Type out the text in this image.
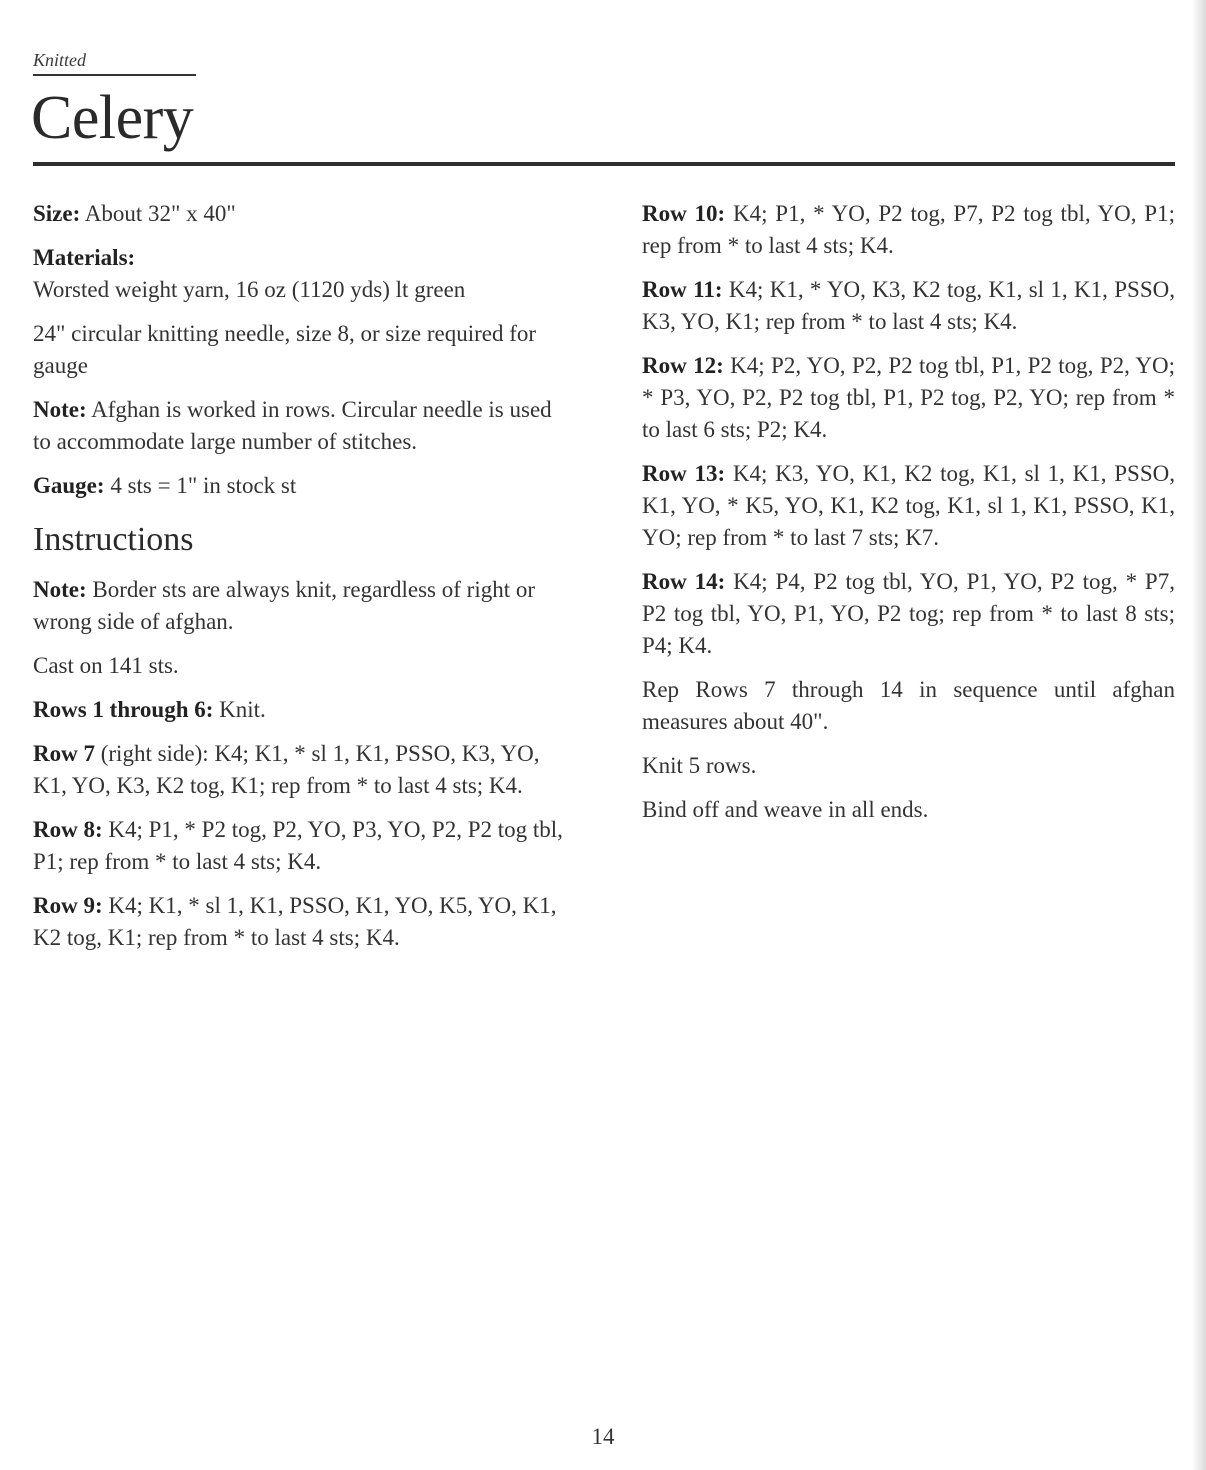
Knitted
Celery

Size: About 32" x 40"

Materials:

Worsted weight yarn, 16 oz (1120 yds) lt green

24" circular knitting needle, size 8, or size required for gauge

Note: Afghan is worked in rows. Circular needle is used to accommodate large number of stitches.

Gauge: 4 sts = 1" in stock st

Instructions

Note: Border sts are always knit, regardless of right or wrong side of afghan.

Cast on 141 sts.

Rows 1 through 6: Knit.

Row 7 (right side): K4; K1, * sl 1, K1, PSSO, K3, YO, K1, YO, K3, K2 tog, K1; rep from * to last 4 sts; K4.

Row 8: K4; P1, * P2 tog, P2, YO, P3, YO, P2, P2 tog tbl, P1; rep from * to last 4 sts; K4.

Row 9: K4; K1, * sl 1, K1, PSSO, K1, YO, K5, YO, K1, K2 tog, K1; rep from * to last 4 sts; K4.

Row 10: K4; P1, * YO, P2 tog, P7, P2 tog tbl, YO, P1; rep from * to last 4 sts; K4.

Row 11: K4; K1, * YO, K3, K2 tog, K1, sl 1, K1, PSSO, K3, YO, K1; rep from * to last 4 sts; K4.

Row 12: K4; P2, YO, P2, P2 tog tbl, P1, P2 tog, P2, YO; * P3, YO, P2, P2 tog tbl, P1, P2 tog, P2, YO; rep from * to last 6 sts; P2; K4.

Row 13: K4; K3, YO, K1, K2 tog, K1, sl 1, K1, PSSO, K1, YO, * K5, YO, K1, K2 tog, K1, sl 1, K1, PSSO, K1, YO; rep from * to last 7 sts; K7.

Row 14: K4; P4, P2 tog tbl, YO, P1, YO, P2 tog, * P7, P2 tog tbl, YO, P1, YO, P2 tog; rep from * to last 8 sts; P4; K4.

Rep Rows 7 through 14 in sequence until afghan measures about 40".

Knit 5 rows.

Bind off and weave in all ends.

14
